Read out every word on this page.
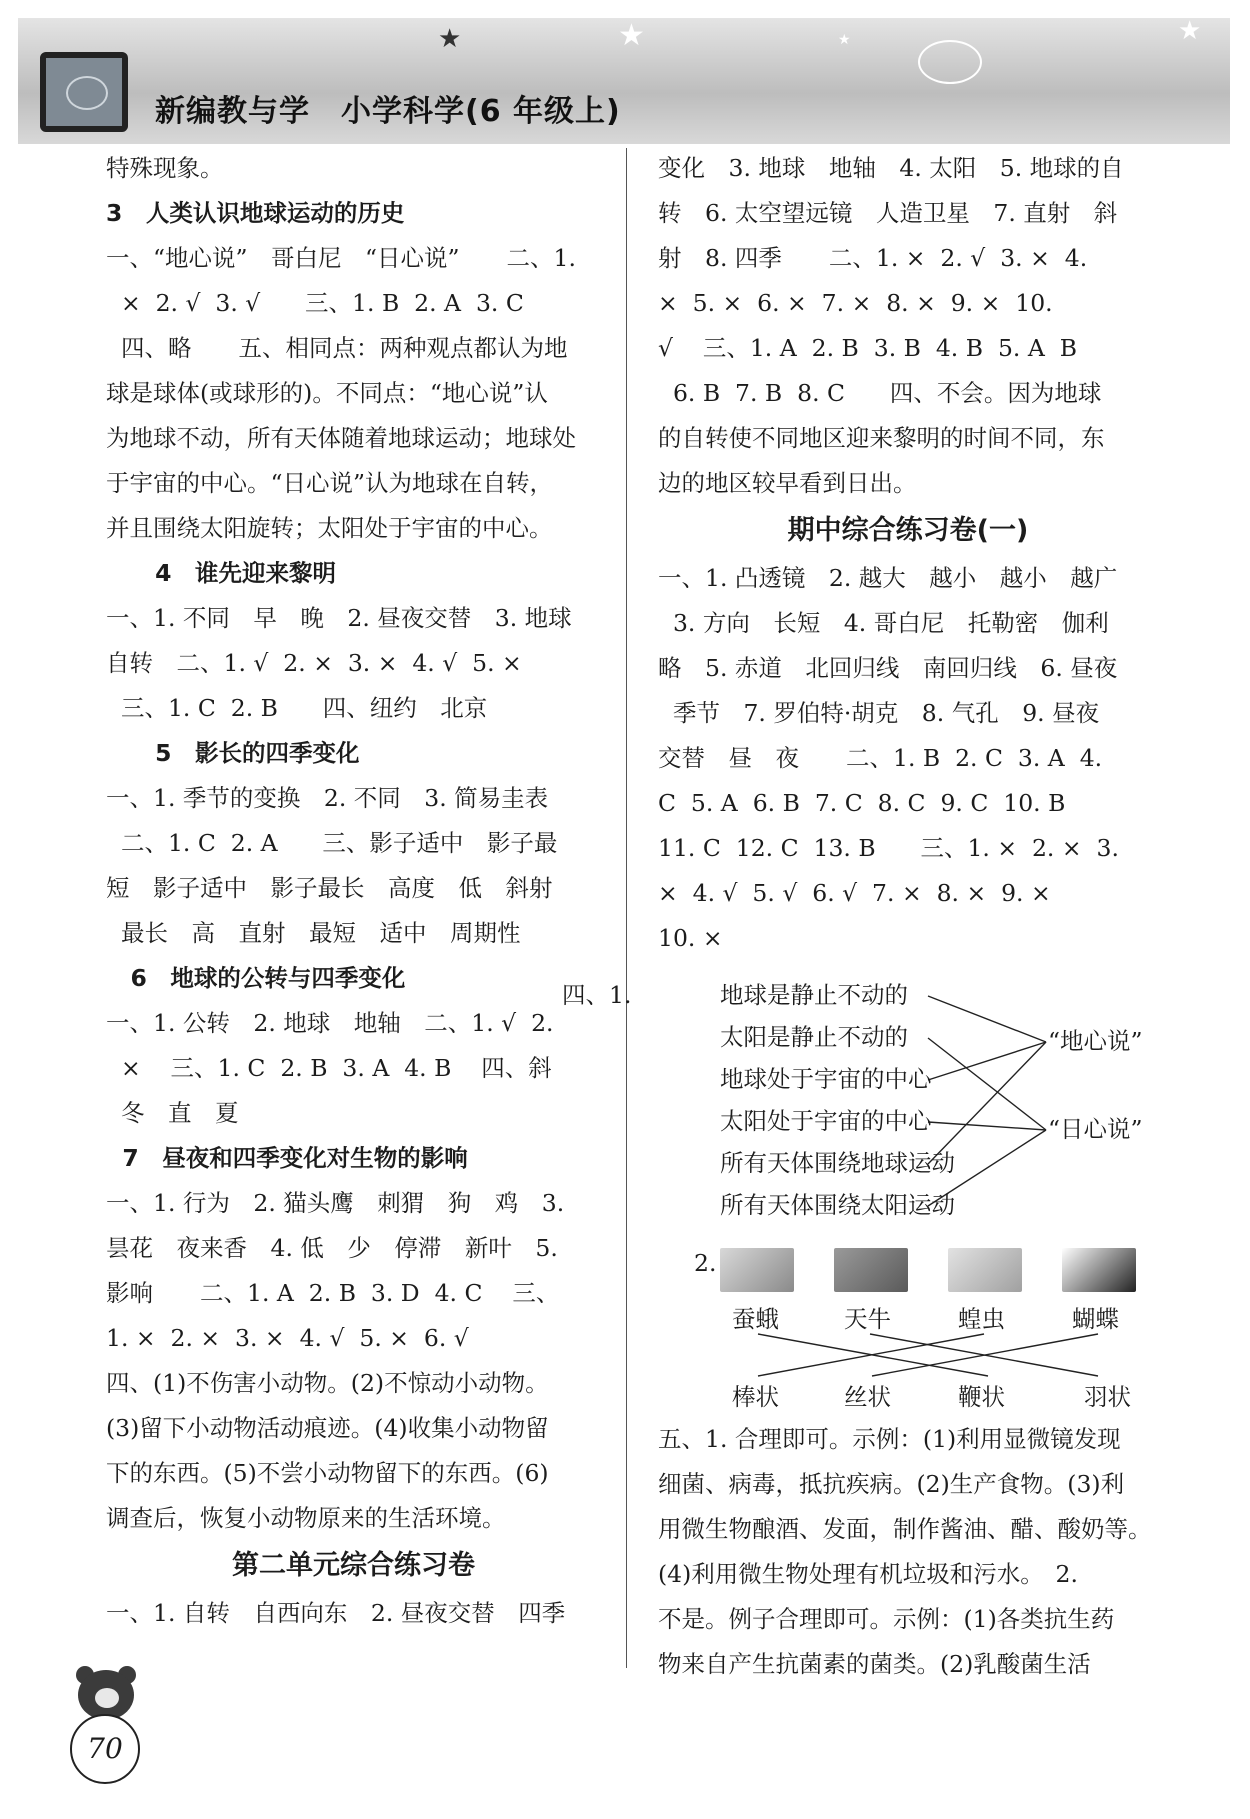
★	★	★
★
新编教与学　小学科学(6 年级上)
特殊现象。
3　人类认识地球运动的历史
一、“地心说”　哥白尼　“日心说”　　二、1.
×  2. √  3. √      三、1. B  2. A  3. C
四、略　　五、相同点：两种观点都认为地
球是球体(或球形的)。不同点：“地心说”认
为地球不动，所有天体随着地球运动；地球处
于宇宙的中心。“日心说”认为地球在自转，
并且围绕太阳旋转；太阳处于宇宙的中心。
4　谁先迎来黎明
一、1. 不同　早　晚　2. 昼夜交替　3. 地球
自转　二、1. √  2. ×  3. ×  4. √  5. ×
三、1. C  2. B      四、纽约　北京
5　影长的四季变化
一、1. 季节的变换　2. 不同　3. 简易圭表
二、1. C  2. A      三、影子适中　影子最
短　影子适中　影子最长　高度　低　斜射
最长　高　直射　最短　适中　周期性
6　地球的公转与四季变化
一、1. 公转　2. 地球　地轴　二、1. √  2.
×    三、1. C  2. B  3. A  4. B    四、斜
冬　直　夏
7　昼夜和四季变化对生物的影响
一、1. 行为　2. 猫头鹰　刺猬　狗　鸡　3.
昙花　夜来香　4. 低　少　停滞　新叶　5.
影响　　二、1. A  2. B  3. D  4. C    三、
1. ×  2. ×  3. ×  4. √  5. ×  6. √
四、(1)不伤害小动物。(2)不惊动小动物。
(3)留下小动物活动痕迹。(4)收集小动物留
下的东西。(5)不尝小动物留下的东西。(6)
调查后，恢复小动物原来的生活环境。
第二单元综合练习卷
一、1. 自转　自西向东　2. 昼夜交替　四季
变化　3. 地球　地轴　4. 太阳　5. 地球的自
转　6. 太空望远镜　人造卫星　7. 直射　斜
射　8. 四季　　二、1. ×  2. √  3. ×  4.
×  5. ×  6. ×  7. ×  8. ×  9. ×  10.
√    三、1. A  2. B  3. B  4. B  5. A  B
6. B  7. B  8. C      四、不会。因为地球
的自转使不同地区迎来黎明的时间不同，东
边的地区较早看到日出。
期中综合练习卷(一)
一、1. 凸透镜　2. 越大　越小　越小　越广
3. 方向　长短　4. 哥白尼　托勒密　伽利
略　5. 赤道　北回归线　南回归线　6. 昼夜
季节　7. 罗伯特·胡克　8. 气孔　9. 昼夜
交替　昼　夜　　二、1. B  2. C  3. A  4.
C  5. A  6. B  7. C  8. C  9. C  10. B
11. C  12. C  13. B      三、1. ×  2. ×  3.
×  4. √  5. √  6. √  7. ×  8. ×  9. ×
10. ×
四、1.	地球是静止不动的
太阳是静止不动的
地球处于宇宙的中心
太阳处于宇宙的中心
所有天体围绕地球运动
所有天体围绕太阳运动
“地心说”
“日心说”
2.
蚕蛾	天牛	蝗虫	蝴蝶
棒状	丝状	鞭状	羽状
五、1. 合理即可。示例：(1)利用显微镜发现
细菌、病毒，抵抗疾病。(2)生产食物。(3)利
用微生物酿酒、发面，制作酱油、醋、酸奶等。
(4)利用微生物处理有机垃圾和污水。　2.
不是。例子合理即可。示例：(1)各类抗生药
物来自产生抗菌素的菌类。(2)乳酸菌生活
70
